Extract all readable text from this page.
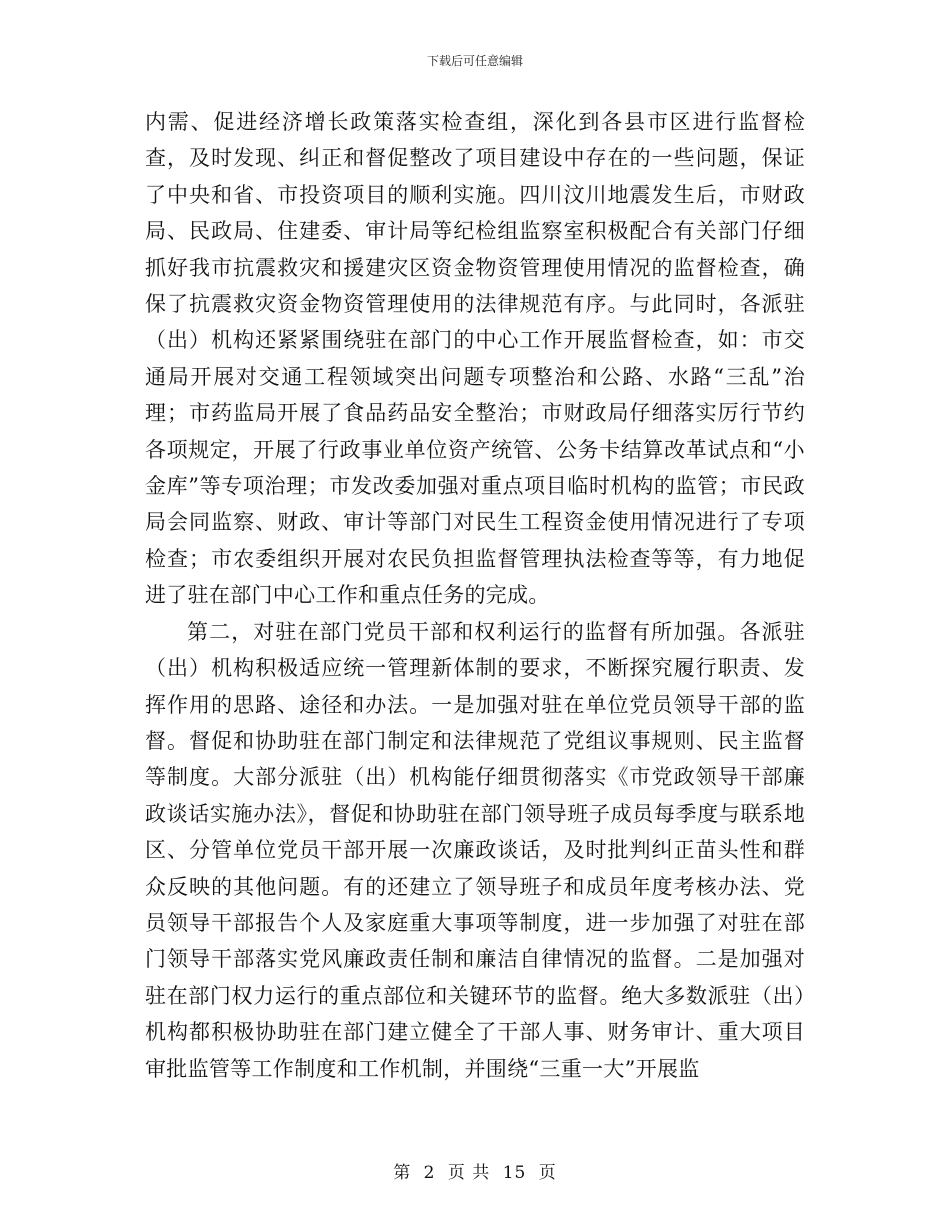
下载后可任意编辑

内需、促进经济增长政策落实检查组，深化到各县市区进行监督检查，及时发现、纠正和督促整改了项目建设中存在的一些问题，保证了中央和省、市投资项目的顺利实施。四川汶川地震发生后，市财政局、民政局、住建委、审计局等纪检组监察室积极配合有关部门仔细抓好我市抗震救灾和援建灾区资金物资管理使用情况的监督检查，确保了抗震救灾资金物资管理使用的法律规范有序。与此同时，各派驻（出）机构还紧紧围绕驻在部门的中心工作开展监督检查，如：市交通局开展对交通工程领域突出问题专项整治和公路、水路“三乱”治理；市药监局开展了食品药品安全整治；市财政局仔细落实厉行节约各项规定，开展了行政事业单位资产统管、公务卡结算改革试点和“小金库”等专项治理；市发改委加强对重点项目临时机构的监管；市民政局会同监察、财政、审计等部门对民生工程资金使用情况进行了专项检查；市农委组织开展对农民负担监督管理执法检查等等，有力地促进了驻在部门中心工作和重点任务的完成。

第二，对驻在部门党员干部和权利运行的监督有所加强。各派驻（出）机构积极适应统一管理新体制的要求，不断探究履行职责、发挥作用的思路、途径和办法。一是加强对驻在单位党员领导干部的监督。督促和协助驻在部门制定和法律规范了党组议事规则、民主监督等制度。大部分派驻（出）机构能仔细贯彻落实《市党政领导干部廉政谈话实施办法》，督促和协助驻在部门领导班子成员每季度与联系地区、分管单位党员干部开展一次廉政谈话，及时批判纠正苗头性和群众反映的其他问题。有的还建立了领导班子和成员年度考核办法、党员领导干部报告个人及家庭重大事项等制度，进一步加强了对驻在部门领导干部落实党风廉政责任制和廉洁自律情况的监督。二是加强对驻在部门权力运行的重点部位和关键环节的监督。绝大多数派驻（出）机构都积极协助驻在部门建立健全了干部人事、财务审计、重大项目审批监管等工作制度和工作机制，并围绕“三重一大”开展监

第 2 页 共 15 页
